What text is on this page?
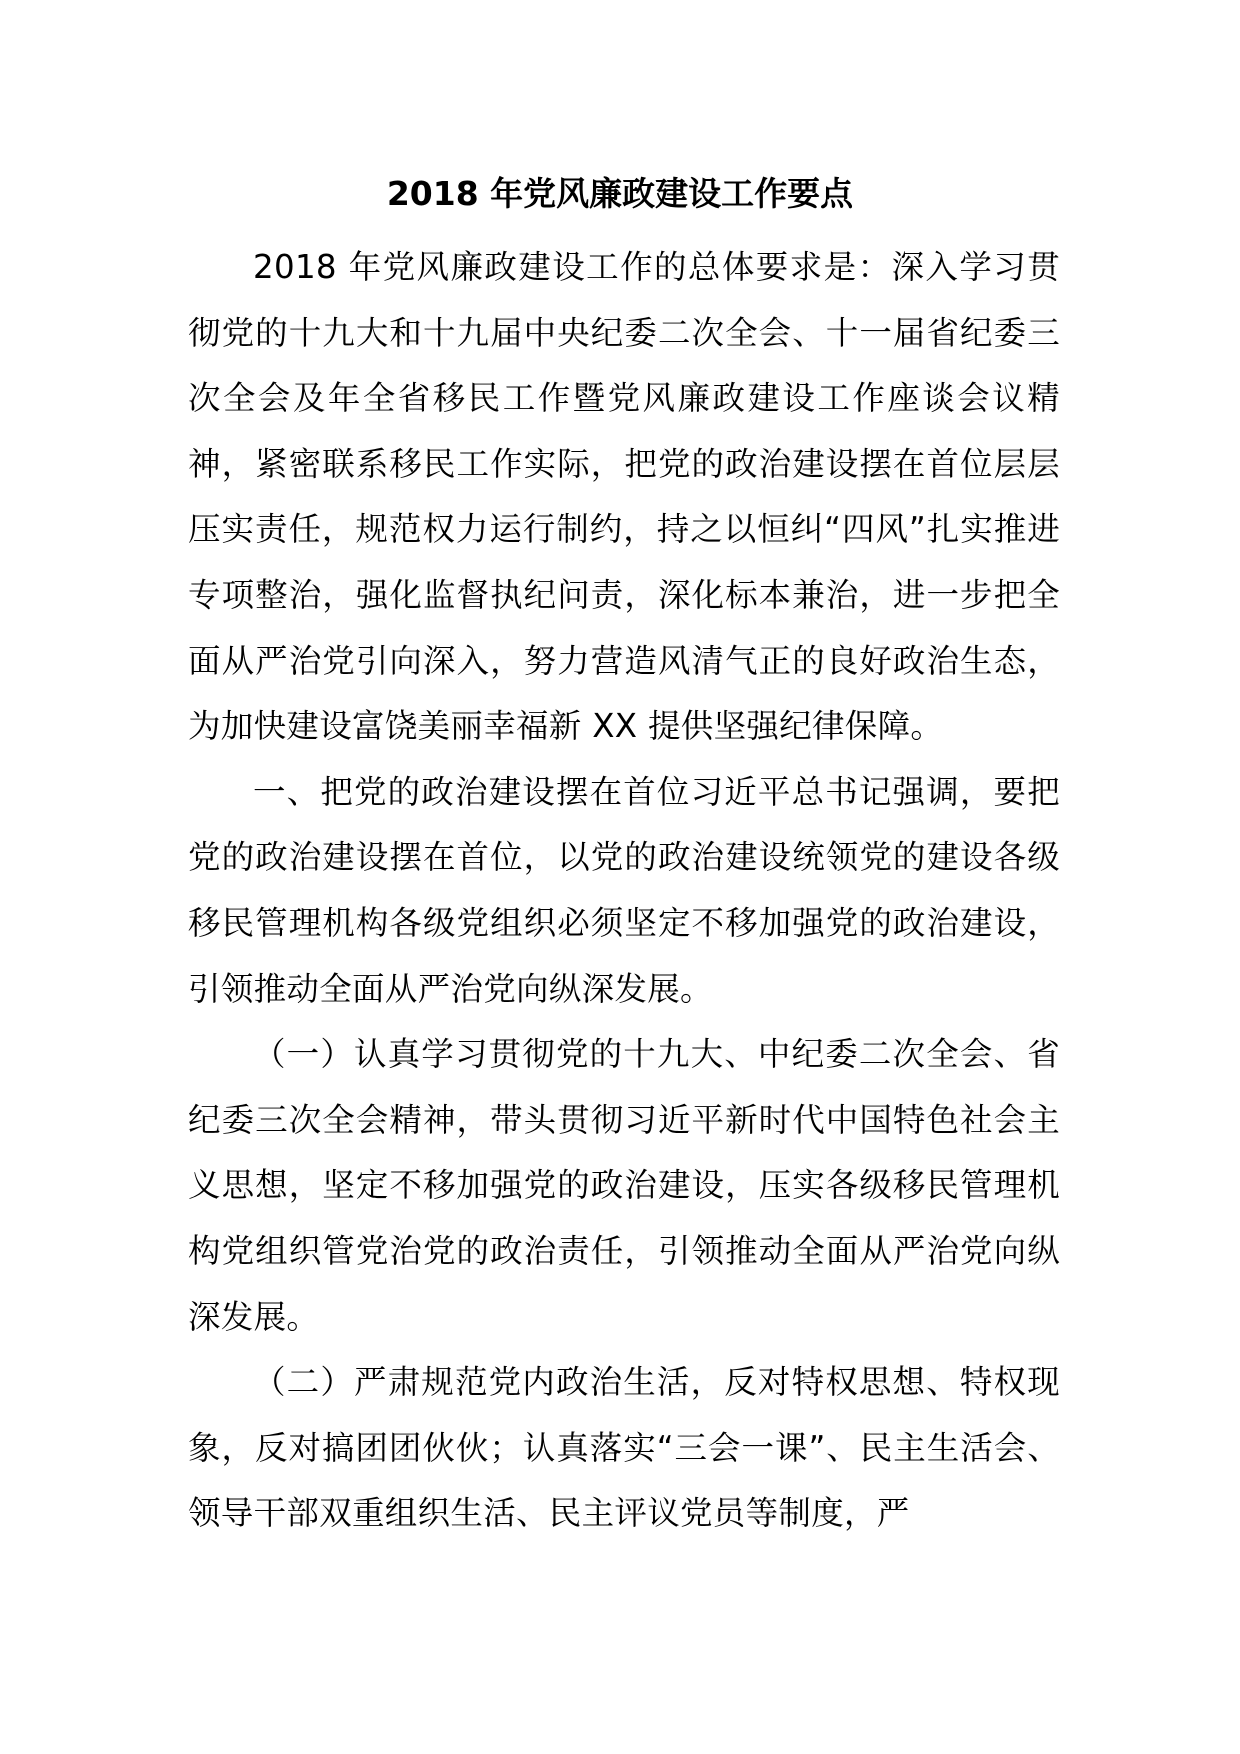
2018 年党风廉政建设工作要点

2018 年党风廉政建设工作的总体要求是：深入学习贯彻党的十九大和十九届中央纪委二次全会、十一届省纪委三次全会及年全省移民工作暨党风廉政建设工作座谈会议精神，紧密联系移民工作实际，把党的政治建设摆在首位层层压实责任，规范权力运行制约，持之以恒纠“四风”扎实推进专项整治，强化监督执纪问责，深化标本兼治，进一步把全面从严治党引向深入，努力营造风清气正的良好政治生态，为加快建设富饶美丽幸福新 XX 提供坚强纪律保障。

一、把党的政治建设摆在首位习近平总书记强调，要把党的政治建设摆在首位，以党的政治建设统领党的建设各级移民管理机构各级党组织必须坚定不移加强党的政治建设，引领推动全面从严治党向纵深发展。

（一）认真学习贯彻党的十九大、中纪委二次全会、省纪委三次全会精神，带头贯彻习近平新时代中国特色社会主义思想，坚定不移加强党的政治建设，压实各级移民管理机构党组织管党治党的政治责任，引领推动全面从严治党向纵深发展。

（二）严肃规范党内政治生活，反对特权思想、特权现象，反对搞团团伙伙；认真落实“三会一课”、民主生活会、领导干部双重组织生活、民主评议党员等制度，严
